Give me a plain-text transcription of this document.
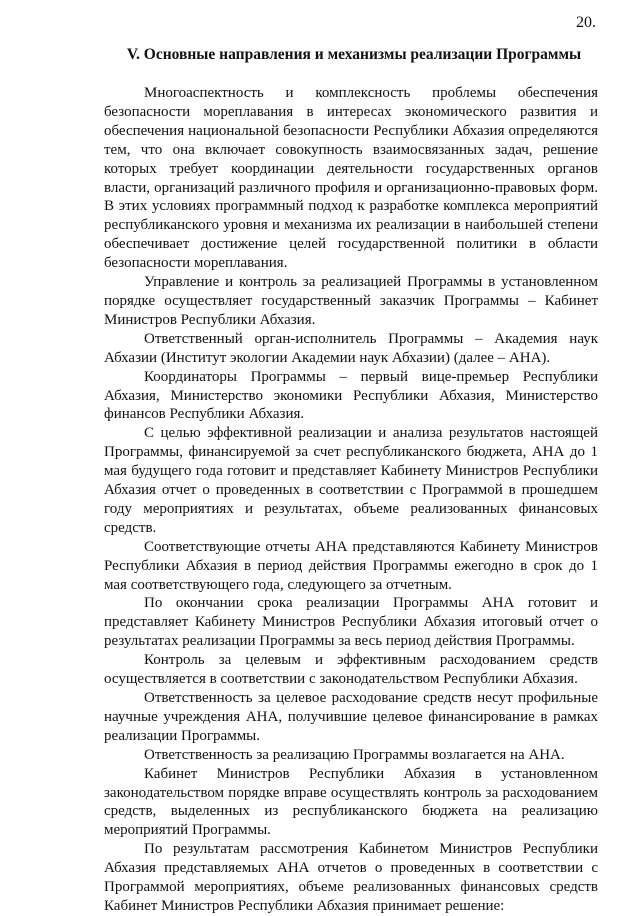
20.
V. Основные направления и механизмы реализации Программы

Многоаспектность и комплексность проблемы обеспечения безопасности мореплавания в интересах экономического развития и обеспечения национальной безопасности Республики Абхазия определяются тем, что она включает совокупность взаимосвязанных задач, решение которых требует координации деятельности государственных органов власти, организаций различного профиля и организационно-правовых форм. В этих условиях программный подход к разработке комплекса мероприятий республиканского уровня и механизма их реализации в наибольшей степени обеспечивает достижение целей государственной политики в области безопасности мореплавания.

Управление и контроль за реализацией Программы в установленном порядке осуществляет государственный заказчик Программы – Кабинет Министров Республики Абхазия.

Ответственный орган-исполнитель Программы – Академия наук Абхазии (Институт экологии Академии наук Абхазии) (далее – АНА).

Координаторы Программы – первый вице-премьер Республики Абхазия, Министерство экономики Республики Абхазия, Министерство финансов Республики Абхазия.

С целью эффективной реализации и анализа результатов настоящей Программы, финансируемой за счет республиканского бюджета, АНА до 1 мая будущего года готовит и представляет Кабинету Министров Республики Абхазия отчет о проведенных в соответствии с Программой в прошедшем году мероприятиях и результатах, объеме реализованных финансовых средств.

Соответствующие отчеты АНА представляются Кабинету Министров Республики Абхазия в период действия Программы ежегодно в срок до 1 мая соответствующего года, следующего за отчетным.

По окончании срока реализации Программы АНА готовит и представляет Кабинету Министров Республики Абхазия итоговый отчет о результатах реализации Программы за весь период действия Программы.

Контроль за целевым и эффективным расходованием средств осуществляется в соответствии с законодательством Республики Абхазия.

Ответственность за целевое расходование средств несут профильные научные учреждения АНА, получившие целевое финансирование в рамках реализации Программы.

Ответственность за реализацию Программы возлагается на АНА.

Кабинет Министров Республики Абхазия в установленном законодательством порядке вправе осуществлять контроль за расходованием средств, выделенных из республиканского бюджета на реализацию мероприятий Программы.

По результатам рассмотрения Кабинетом Министров Республики Абхазия представляемых АНА отчетов о проведенных в соответствии с Программой мероприятиях, объеме реализованных финансовых средств Кабинет Министров Республики Абхазия принимает решение:
